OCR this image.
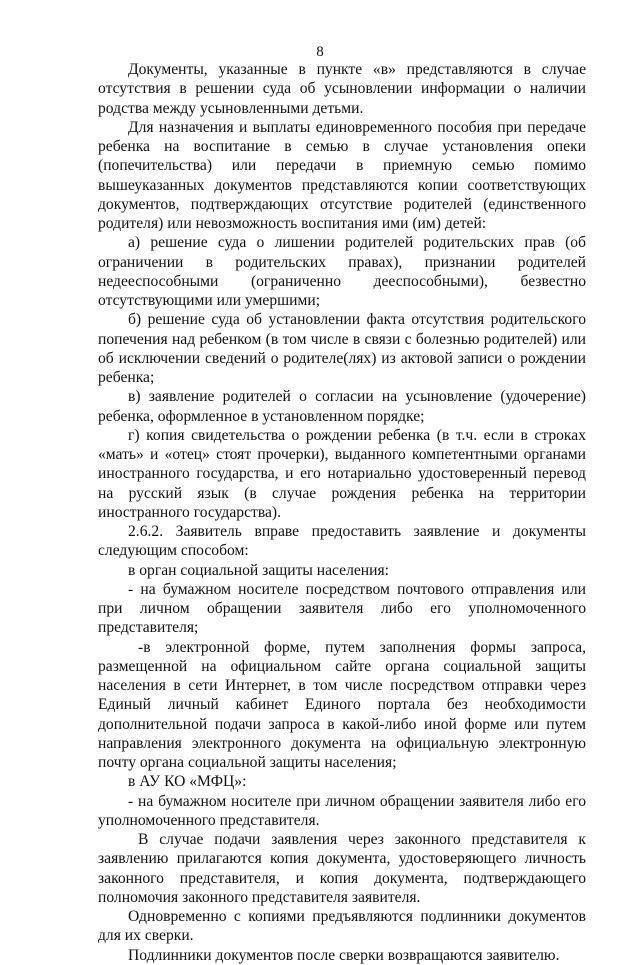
8

Документы, указанные в пункте «в» представляются в случае отсутствия в решении суда об усыновлении информации о наличии родства между усыновленными детьми.

Для назначения и выплаты единовременного пособия при передаче ребенка на воспитание в семью в случае установления опеки (попечительства) или передачи в приемную семью помимо вышеуказанных документов представляются копии соответствующих документов, подтверждающих отсутствие родителей (единственного родителя) или невозможность воспитания ими (им) детей:

а) решение суда о лишении родителей родительских прав (об ограничении в родительских правах), признании родителей недееспособными (ограниченно дееспособными), безвестно отсутствующими или умершими;

б) решение суда об установлении факта отсутствия родительского попечения над ребенком (в том числе в связи с болезнью родителей) или об исключении сведений о родителе(лях) из актовой записи о рождении ребенка;

в) заявление родителей о согласии на усыновление (удочерение) ребенка, оформленное в установленном порядке;

г) копия свидетельства о рождении ребенка (в т.ч. если в строках «мать» и «отец» стоят прочерки), выданного компетентными органами иностранного государства, и его нотариально удостоверенный перевод на русский язык (в случае рождения ребенка на территории иностранного государства).

2.6.2. Заявитель вправе предоставить заявление и документы следующим способом:

в орган социальной защиты населения:

- на бумажном носителе посредством почтового отправления или при личном обращении заявителя либо его уполномоченного представителя;

-в электронной форме, путем заполнения формы запроса, размещенной на официальном сайте органа социальной защиты населения в сети Интернет, в том числе посредством отправки через Единый личный кабинет Единого портала без необходимости дополнительной подачи запроса в какой-либо иной форме или путем направления электронного документа на официальную электронную почту органа социальной защиты населения;

в АУ КО «МФЦ»:

- на бумажном носителе при личном обращении заявителя либо его уполномоченного представителя.

В случае подачи заявления через законного представителя к заявлению прилагаются копия документа, удостоверяющего личность законного представителя, и копия документа, подтверждающего полномочия законного представителя заявителя.

Одновременно с копиями предъявляются подлинники документов для их сверки.

Подлинники документов после сверки возвращаются заявителю.
